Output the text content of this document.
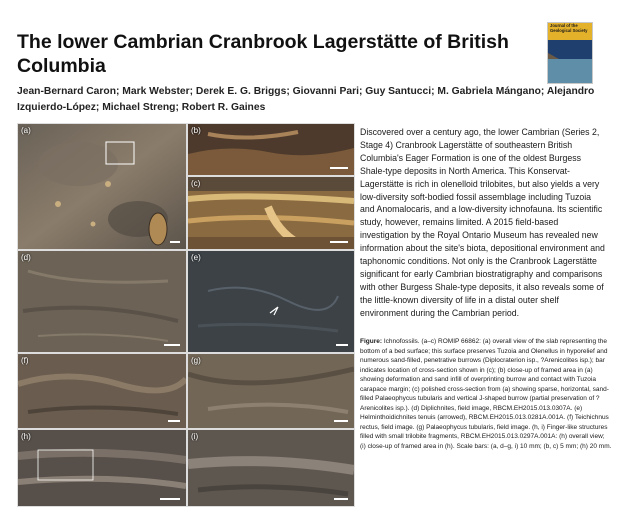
The lower Cambrian Cranbrook Lagerstätte of British Columbia
Journal of the Geological Society

Jean-Bernard Caron; Mark Webster; Derek E. G. Briggs; Giovanni Pari; Guy Santucci; M. Gabriela Mángano; Alejandro Izquierdo-López; Michael Streng; Robert R. Gaines

(a)	(b)
(c)
(d)	(e)
(f)	(g)
(h)	(i)

Discovered over a century ago, the lower Cambrian (Series 2, Stage 4) Cranbrook Lagerstätte of southeastern British Columbia's Eager Formation is one of the oldest Burgess Shale-type deposits in North America. This Konservat-Lagerstätte is rich in olenelloid trilobites, but also yields a very low-diversity soft-bodied fossil assemblage including Tuzoia and Anomalocaris, and a low-diversity ichnofauna. Its scientific study, however, remains limited. A 2015 field-based investigation by the Royal Ontario Museum has revealed new information about the site's biota, depositional environment and taphonomic conditions. Not only is the Cranbrook Lagerstätte significant for early Cambrian biostratigraphy and comparisons with other Burgess Shale-type deposits, it also reveals some of the little-known diversity of life in a distal outer shelf environment during the Cambrian period.

Figure: Ichnofossils. (a–c) ROMIP 66862: (a) overall view of the slab representing the bottom of a bed surface; this surface preserves Tuzoia and Olenellus in hyporelief and numerous sand-filled, penetrative burrows (Diplocraterion isp., ?Arenicolites isp.); bar indicates location of cross-section shown in (c); (b) close-up of framed area in (a) showing deformation and sand infill of overprinting burrow and contact with Tuzoia carapace margin; (c) polished cross-section from (a) showing sparse, horizontal, sand-filled Palaeophycus tubularis and vertical J-shaped burrow (partial preservation of ?Arenicolites isp.). (d) Diplichnites, field image, RBCM.EH2015.013.0307A. (e) Helminthoidichnites tenuis (arrowed), RBCM.EH2015.013.0281A.001A. (f) Teichichnus rectus, field image. (g) Palaeophycus tubularis, field image. (h, i) Finger-like structures filled with small trilobite fragments, RBCM.EH2015.013.0297A.001A: (h) overall view; (i) close-up of framed area in (h). Scale bars: (a, d–g, i) 10 mm; (b, c) 5 mm; (h) 20 mm.
